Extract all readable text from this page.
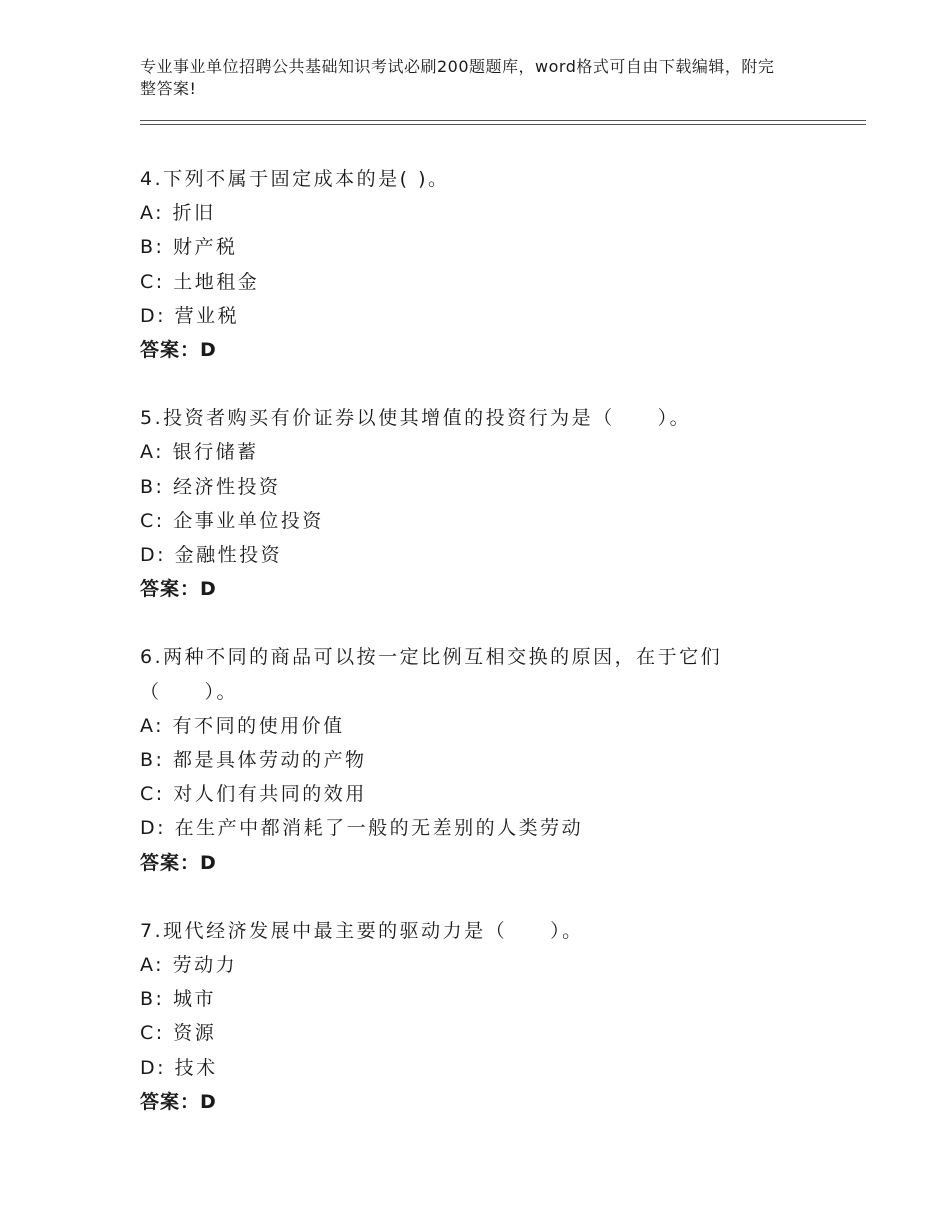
专业事业单位招聘公共基础知识考试必刷200题题库，word格式可自由下载编辑，附完整答案!
4.下列不属于固定成本的是( )。
A: 折旧
B: 财产税
C: 土地租金
D: 营业税
答案：D
5.投资者购买有价证券以使其增值的投资行为是（　　）。
A: 银行储蓄
B: 经济性投资
C: 企事业单位投资
D: 金融性投资
答案：D
6.两种不同的商品可以按一定比例互相交换的原因，在于它们（　　）。
A: 有不同的使用价值
B: 都是具体劳动的产物
C: 对人们有共同的效用
D: 在生产中都消耗了一般的无差别的人类劳动
答案：D
7.现代经济发展中最主要的驱动力是（　　）。
A: 劳动力
B: 城市
C: 资源
D: 技术
答案：D
